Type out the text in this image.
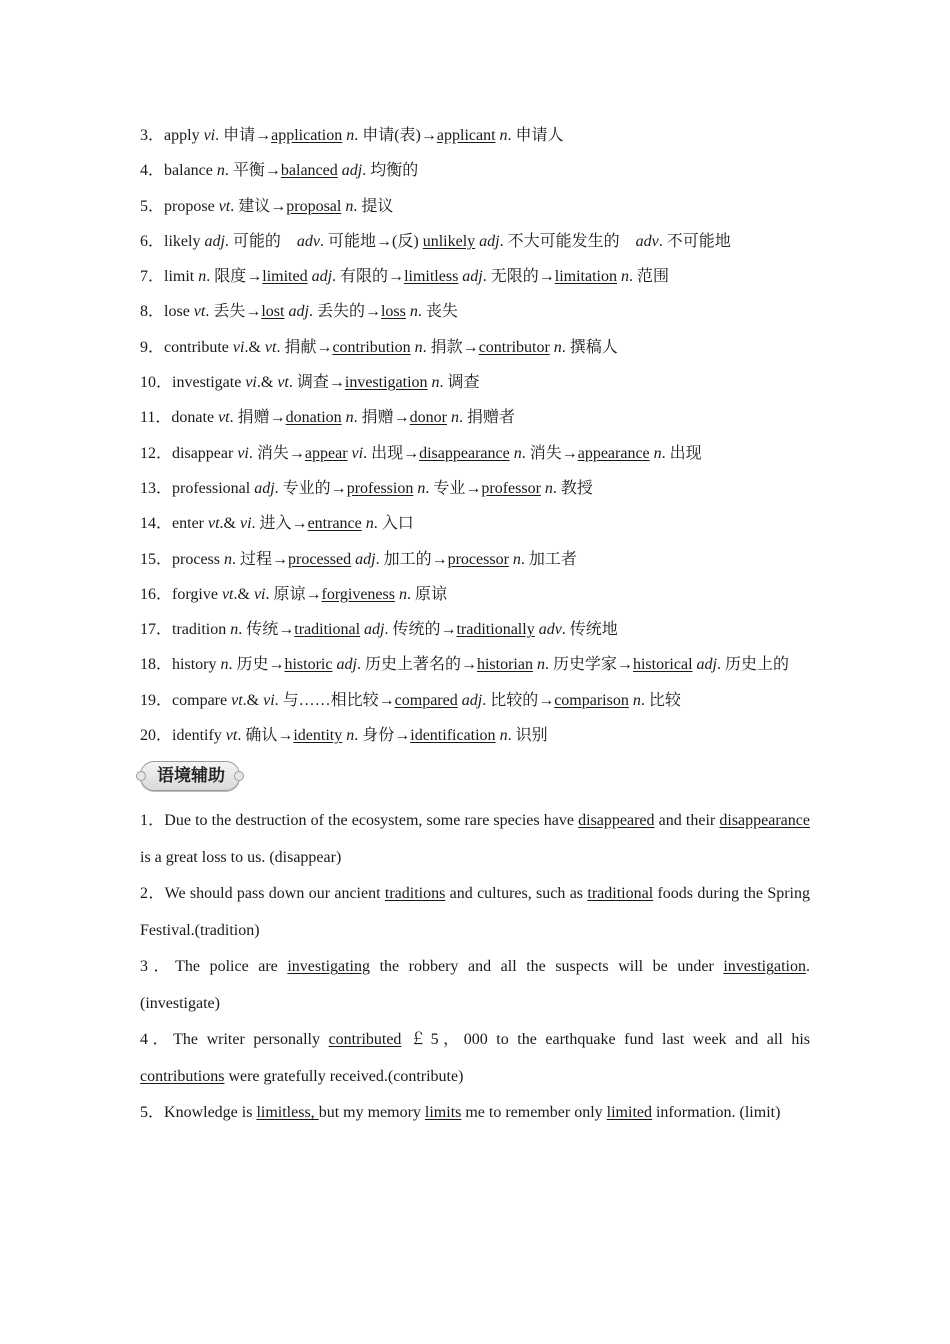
3．apply vi. 申请→application n. 申请(表)→applicant n. 申请人
4．balance n. 平衡→balanced adj. 均衡的
5．propose vt. 建议→proposal n. 提议
6．likely adj. 可能的　adv. 可能地→(反) unlikely adj. 不大可能发生的　adv. 不可能地
7．limit n. 限度→limited adj. 有限的→limitless adj. 无限的→limitation n. 范围
8．lose vt. 丢失→lost adj. 丢失的→loss n. 丧失
9．contribute vi.& vt. 捐献→contribution n. 捐款→contributor n. 撰稿人
10．investigate vi.& vt. 调查→investigation n. 调查
11．donate vt. 捐赠→donation n. 捐赠→donor n. 捐赠者
12．disappear vi. 消失→appear vi. 出现→disappearance n. 消失→appearance n. 出现
13．professional adj. 专业的→profession n. 专业→professor n. 教授
14．enter vt.& vi. 进入→entrance n. 入口
15．process n. 过程→processed adj. 加工的→processor n. 加工者
16．forgive vt.& vi. 原谅→forgiveness n. 原谅
17．tradition n. 传统→traditional adj. 传统的→traditionally adv. 传统地
18．history n. 历史→historic adj. 历史上著名的→historian n. 历史学家→historical adj. 历史上的
19．compare vt.& vi. 与……相比较→compared adj. 比较的→comparison n. 比较
20．identify vt. 确认→identity n. 身份→identification n. 识别
语境辅助
1．Due to the destruction of the ecosystem, some rare species have disappeared and their disappearance is a great loss to us. (disappear)
2．We should pass down our ancient traditions and cultures, such as traditional foods during the Spring Festival.(tradition)
3．The police are investigating the robbery and all the suspects will be under investigation. (investigate)
4．The writer personally contributed ￡5，000 to the earthquake fund last week and all his contributions were gratefully received.(contribute)
5．Knowledge is limitless, but my memory limits me to remember only limited information. (limit)
